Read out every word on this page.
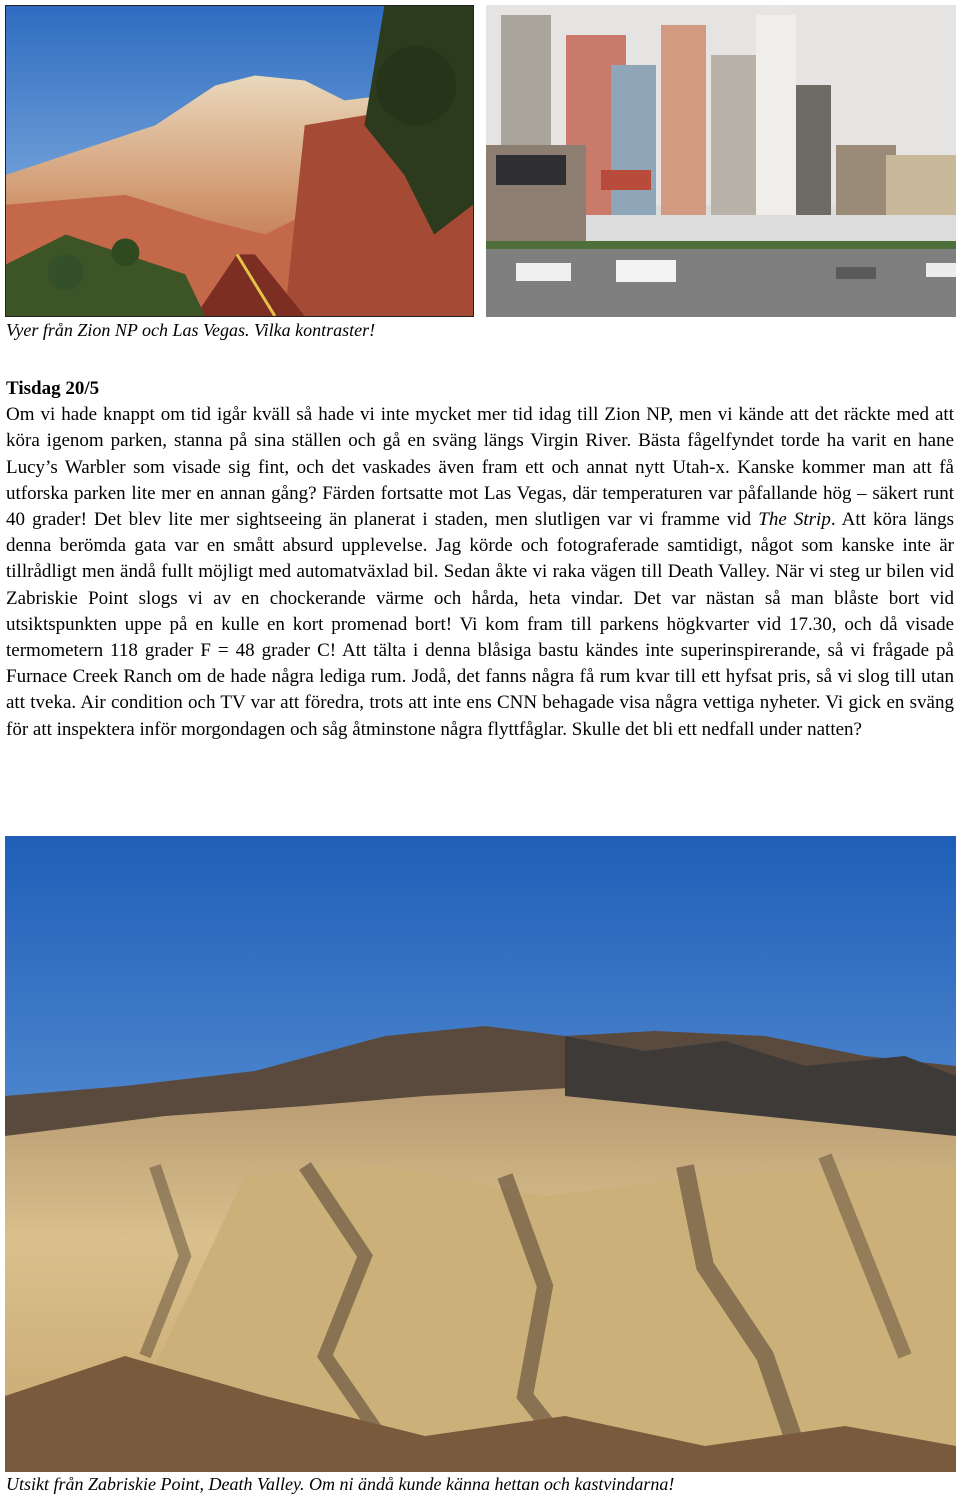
Vyer från Zion NP och Las Vegas. Vilka kontraster!
Tisdag 20/5
Om vi hade knappt om tid igår kväll så hade vi inte mycket mer tid idag till Zion NP, men vi kände att det räckte med att köra igenom parken, stanna på sina ställen och gå en sväng längs Virgin River. Bästa fågelfyndet torde ha varit en hane Lucy’s Warbler som visade sig fint, och det vaskades även fram ett och annat nytt Utah-x. Kanske kommer man att få utforska parken lite mer en annan gång? Färden fortsatte mot Las Vegas, där temperaturen var påfallande hög – säkert runt 40 grader! Det blev lite mer sightseeing än planerat i staden, men slutligen var vi framme vid The Strip. Att köra längs denna berömda gata var en smått absurd upplevelse. Jag körde och fotograferade samtidigt, något som kanske inte är tillrådligt men ändå fullt möjligt med automatväxlad bil. Sedan åkte vi raka vägen till Death Valley. När vi steg ur bilen vid Zabriskie Point slogs vi av en chockerande värme och hårda, heta vindar. Det var nästan så man blåste bort vid utsiktspunkten uppe på en kulle en kort promenad bort! Vi kom fram till parkens högkvarter vid 17.30, och då visade termometern 118 grader F = 48 grader C! Att tälta i denna blåsiga bastu kändes inte superinspirerande, så vi frågade på Furnace Creek Ranch om de hade några lediga rum. Jodå, det fanns några få rum kvar till ett hyfsat pris, så vi slog till utan att tveka. Air condition och TV var att föredra, trots att inte ens CNN behagade visa några vettiga nyheter. Vi gick en sväng för att inspektera inför morgondagen och såg åtminstone några flyttfåglar. Skulle det bli ett nedfall under natten?
Utsikt från Zabriskie Point, Death Valley. Om ni ändå kunde känna hettan och kastvindarna!
